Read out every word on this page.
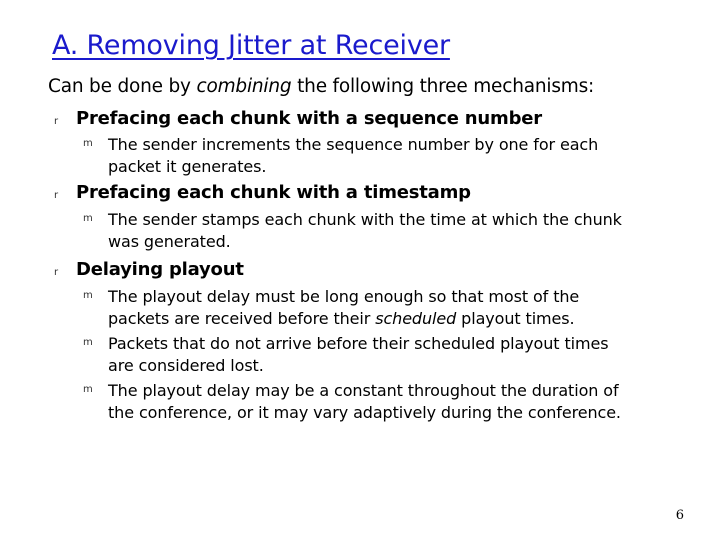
A. Removing Jitter at Receiver
Can be done by combining the following three mechanisms:
r Prefacing each chunk with a sequence number
m The sender increments the sequence number by one for each
packet it generates.
r Prefacing each chunk with a timestamp
m The sender stamps each chunk with the time at which the chunk
was generated.
r Delaying playout
m The playout delay must be long enough so that most of the
packets are received before their scheduled playout times.
m Packets that do not arrive before their scheduled playout times
are considered lost.
m The playout delay may be a constant throughout the duration of
the conference, or it may vary adaptively during the conference.
6
